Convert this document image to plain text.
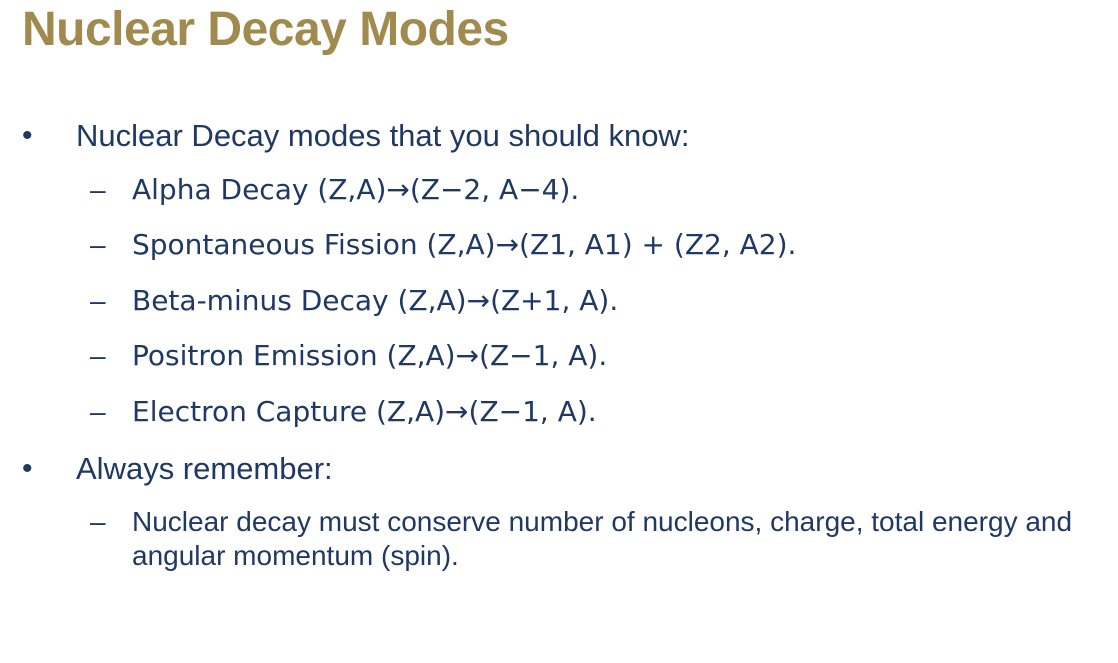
Nuclear Decay Modes
•	Nuclear Decay modes that you should know:
– Alpha Decay (Z,A)→(Z−2, A−4).
– Spontaneous Fission (Z,A)→(Z1, A1) + (Z2, A2).
– Beta-minus Decay (Z,A)→(Z+1, A).
– Positron Emission (Z,A)→(Z−1, A).
– Electron Capture (Z,A)→(Z−1, A).
•	Always remember:
– Nuclear decay must conserve number of nucleons, charge, total energy and angular momentum (spin).
